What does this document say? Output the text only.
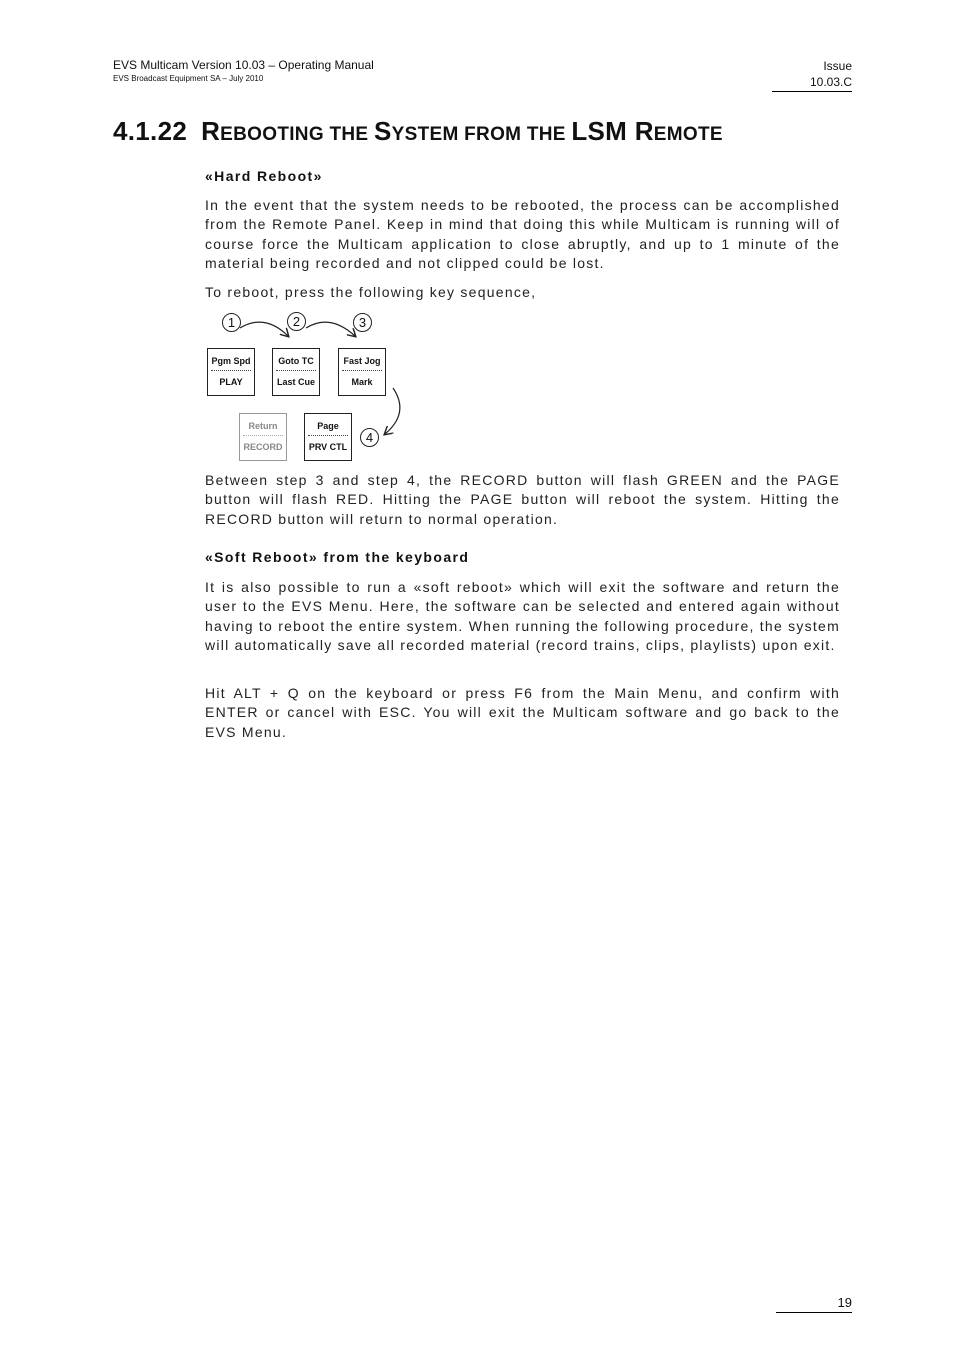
EVS Multicam Version 10.03 – Operating Manual
EVS Broadcast Equipment SA – July 2010
Issue
10.03.C
4.1.22 REBOOTING THE SYSTEM FROM THE LSM REMOTE
«Hard Reboot»

In the event that the system needs to be rebooted, the process can be accomplished from the Remote Panel. Keep in mind that doing this while Multicam is running will of course force the Multicam application to close abruptly, and up to 1 minute of the material being recorded and not clipped could be lost.

To reboot, press the following key sequence,

1	2	3
4
Pgm Spd
PLAY
Goto TC
Last Cue
Fast Jog
Mark
Return
RECORD
Page
PRV CTL

Between step 3 and step 4, the RECORD button will flash GREEN and the PAGE button will flash RED. Hitting the PAGE button will reboot the system. Hitting the RECORD button will return to normal operation.

«Soft Reboot» from the keyboard

It is also possible to run a «soft reboot» which will exit the software and return the user to the EVS Menu. Here, the software can be selected and entered again without having to reboot the entire system. When running the following procedure, the system will automatically save all recorded material (record trains, clips, playlists) upon exit.

Hit ALT + Q on the keyboard or press F6 from the Main Menu, and confirm with ENTER or cancel with ESC. You will exit the Multicam software and go back to the EVS Menu.

19
